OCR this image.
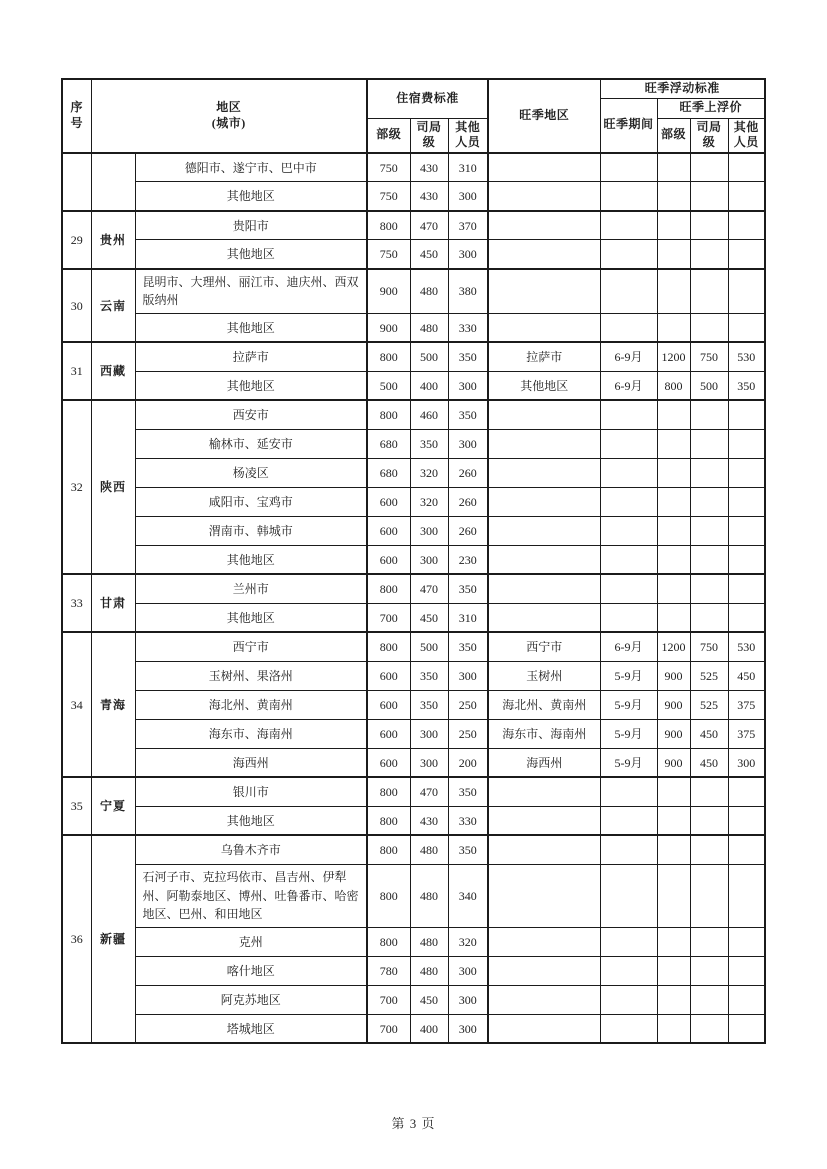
序
号

地区
(城市)
	住宿费标准	旺季地区	旺季浮动标准
							旺季期间	旺季上浮价		
			部级	司局级	其他人员			部级	司局级	其他人员
		德阳市、遂宁市、巴中市	750	430	310					
		其他地区	750	430	300					
29	贵州	贵阳市	800	470	370					
		其他地区	750	450	300					
30	云南	昆明市、大理州、丽江市、迪庆州、西双版纳州	900	480	380					
		其他地区	900	480	330					
31	西藏	拉萨市	800	500	350	拉萨市	6-9月	1200	750	530
		其他地区	500	400	300	其他地区	6-9月	800	500	350
32	陕西	西安市	800	460	350					
		榆林市、延安市	680	350	300					
		杨凌区	680	320	260					
		咸阳市、宝鸡市	600	320	260					
		渭南市、韩城市	600	300	260					
		其他地区	600	300	230					
33	甘肃	兰州市	800	470	350					
		其他地区	700	450	310					
34	青海	西宁市	800	500	350	西宁市	6-9月	1200	750	530
		玉树州、果洛州	600	350	300	玉树州	5-9月	900	525	450
		海北州、黄南州	600	350	250	海北州、黄南州	5-9月	900	525	375
		海东市、海南州	600	300	250	海东市、海南州	5-9月	900	450	375
		海西州	600	300	200	海西州	5-9月	900	450	300
35	宁夏	银川市	800	470	350					
		其他地区	800	430	330					
36	新疆	乌鲁木齐市	800	480	350					
		石河子市、克拉玛依市、昌吉州、伊犁州、阿勒泰地区、博州、吐鲁番市、哈密地区、巴州、和田地区	800	480	340					
		克州	800	480	320					
		喀什地区	780	480	300					
		阿克苏地区	700	450	300					
		塔城地区	700	400	300					
第 3 页
